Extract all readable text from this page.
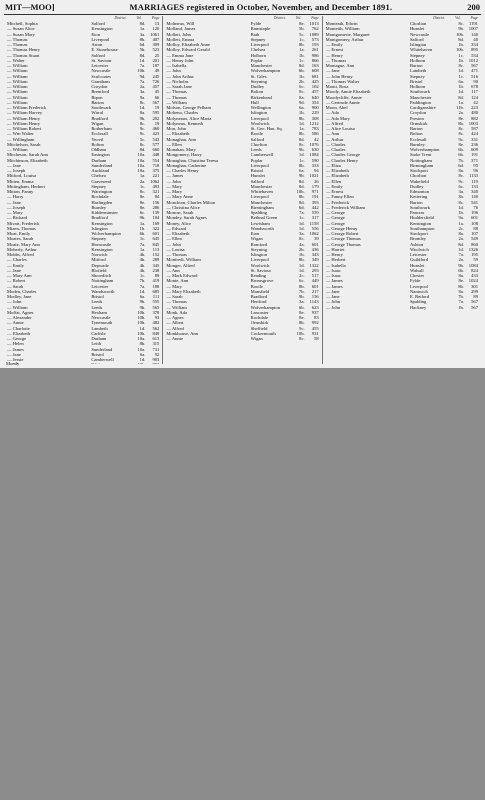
MIT—MOO]	MARRIAGES registered in October, November, and December 1891.	200
District.	Vol.	Page
Mitchell, Sophia	Salford	8d.	13
— Susan Alice	Kensington	1a.	120
— Susan Mary	Eton	3a.	1061
— Thomas	Liverpool	8b.	407
— Thomas	Aston	6d.	309
— Thomas Henry	E. Stonehouse	5b.	523
— Thomas Stuart	Salford	8d.	25
— Walter	St. Saviour	1d.	201
— William	Leicester	7a.	187
— William	Newcastle	10b.	49
— William	Sculcoates	9d.	245
— William	Grantham	7a.	726
— William	Croydon	2a.	457
— William	Brentford	3a.	45
— William	Ripon	9a.	66
— William	Barton	8c.	567
— William Frederick	Southwark	1d.	19
— William Harvey	Wirral	8a.	595
— William Henry	Bradford	9b.	202
— William Henry	Wigan	8c.	19
— William Robert	Rotherham	9c.	460
— Wm Walter	Ecclesall	9c.	423
— Willingham	Yeovil	5c.	543
Mitchelson, Sarah	Bolton	8c.	577
— William	Oldham	8d.	660
Mitcheson, Sarah Ann	Easington	10a.	448
Mitchinson, Elizabeth	Durham	10a.	554
— Jane	Sunderland	10a.	718
— Joseph	Auckland	10a.	375
Mitford, Louisa	Chelsea	1a.	221
Mitten, Emma	Gravesend	2a.	1062
Mittingham, Herbert	Stepney	1c.	493
Mitton, Fanny	Warrington	8c.	321
— Harry	Rochdale	8e.	84
— Jane	Haslingden	8e.	156
— Joseph	Burnley	8e.	286
— Mary	Kidderminster	6c.	139
— Richard	Bradford	9b.	104
Mivart, Frederick	Kensington	1a.	169
Mizen, Thomas	Islington	1b.	322
Moat, Emily	Wolverhampton	6b.	601
Moates, Sarah	Stepney	1c.	645
Moate, Mary Ann	Horncastle	7a.	845
Moberly, Arthur	Kensington	1a.	113
Mobbs, Alfred	Norwich	4b.	152
— Charles	Mitford	4b.	289
— Emily	Depwade	4b.	345
— Jane	Blofield	4b.	238
— Mary Ann	Shoreditch	1c.	89
— Robert	Nottingham	7b.	419
— Sarah	Leicester	7a.	188
Moden, Charles	Wandsworth	1d.	685
Modley, Jane	Bristol	6a.	111
— John	Leeds	9b.	555
— William	Leeds	9b.	565
Moffat, Agnes	Hexham	10b.	378
— Alexander	Newcastle	10b.	93
— Annie	Tynemouth	10b.	482
— Charlotte	Lambeth	1d.	562
— Elizabeth	Carlisle	10b.	849
— George	Durham	10a.	613
— Helen	Leith	8b.	315
— James	Sunderland	10a.	731
— Jane	Bristol	6a.	92
— Jessie	Camberwell	1d.	903
District.	Vol.	Page
Molineux, Will	Fylde	8e.	1013
Molland, James	Barnstaple	5b.	762
Mollett, John	Bath	5c.	1089
Mollett, Emma	Stepney	1c.	573
Molloy, Elizabeth Anne	Liverpool	8b.	193
Molloy, Edward Gerald	Chelsea	1a.	261
— Emma Jane	Holborn	1b.	986
— Henry John	Poplar	1c.	866
— Isabella	Manchester	8d.	163
— John	Wolverhampton	6b.	608
— John Arthur	St. Giles	1b.	681
— Nicholas	Steyning	2b.	425
— Sarah Jane	Dudley	6c.	102
— Thomas	Bolton	8c.	457
— Thomas	Birkenhead	8a.	640
— William	Hull	9d.	354
Molson, George Pelham	Wellington	6a.	900
Molteno, Charles	Islington	1b.	229
Molyneaux, Alice Maria	Liverpool	8b.	308
Molyneux, Kenneth	Woolwich	1d.	1212
Mon, John	St. Geo. Han. Sq.	1a.	783
— Elizabeth	Bootle	8b.	586
Monaghan, Ann	Salford	8d.	42
— Ellen	Chorlton	8c.	1076
Monahan, Mary	Leeds	9b.	630
Mongomery, Harry	Camberwell	1d.	1084
Monaghan, Christina Teresa	Poplar	1c.	590
Monaghan, Catherine	Liverpool	8b.	333
— Charles Henry	Bristol	6a.	94
— James	Hunslet	9b.	1021
— John	Salford	8d.	26
— Mary	Manchester	8d.	179
— Mary	Whitehaven	10b.	971
— Mary Anne	Liverpool	8b.	191
Monckton, Charles Milton	Manchester	8d.	393
— Christina Alice	Birmingham	6d.	442
Moncur, Sarah	Spalding	7a.	559
Mondey, Sarah Agnes	Bethnal Green	1c.	317
Money, Alice	Lewisham	1d.	1158
— Edward	Wandsworth	1d.	556
— Elizabeth	Eton	3a.	1062
— Ellen	Wigan	8c.	39
— John	Romford	4a.	601
— Louisa	Steyning	2b.	436
— Thomas	Islington	1b.	343
Monfredi, William	Liverpool	8b.	349
Monger, Alfred	Woolwich	1d.	1322
— Ann	St. Saviour	1d.	293
— Mark Edward	Reading	2c.	517
Monie, Ann	Bromsgrove	6c.	449
— Mary	Bootle	8b.	601
— Mary Elizabeth	Mansfield	7b.	217
— Sarah	Bradford	9b.	156
— Thomas	Hertford	3a.	1143
— William	Wolverhampton	6b.	623
Monk, Ada	Lancaster	8e.	937
— Agnes	Rochdale	8e.	83
— Albert	Ormskirk	8b.	992
— Alfred	Sheffield	9c.	455
Monkhouse, Ann	Cockermouth	10b.	931
— Annie	Wigan	8c.	58
District.	Vol.	Page
Monteath, Edwin	Chorlton	8c.	1191
Monteith, William	Hunslet	9b.	1007
Montgomerie, Margaret	Newcastle	10b.	140
Montgomery, Arthur	Salford	8d.	40
— Emily	Islington	1b.	334
— Ernest	Whitehaven	10b.	895
— Henry	Stepney	1c.	534
— Thomas	Holborn	1b.	1012
Montague, Ann	Barton	8c.	567
— Jane	Lambeth	1d.	471
— John Henry	Stepney	1c.	516
— Thomas Walter	Bristol	6a.	90
Monti, Rosa	Holborn	1b.	678
Moody, Annie Elizabeth	Southwark	1d.	117
Moodycliffe, Annie	Manchester	8d.	124
— Gertrude Annie	Paddington	1a.	42
Moon, Abel	Cardiganshire	11b.	223
— Ada	Croydon	2a.	480
— Ada Mary	Preston	8e.	882
— Alfred	Ormskirk	8b.	1003
— Alice Louisa	Barton	8c.	587
— Ann	Bolton	8c.	424
— Arthur	Ecclesall	9c.	331
— Charles	Burnley	8e.	236
— Charles	Wolverhampton	6b.	609
— Charles George	Stoke Trent	6b.	191
— Charles Henry	Nottingham	7b.	371
— Eliza	Birmingham	6d.	95
— Elizabeth	Stockport	8a.	96
— Elizabeth	Chorlton	8c.	1133
— Ellen	Wakefield	9c.	119
— Emily	Dudley	6c.	133
— Ernest	Edmonton	3a.	340
— Fanny Ellen	Kettering	3b.	140
— Frederick	Barton	8c.	541
— Frederick William	Southwark	1d.	76
— George	Pancras	1b.	196
— George	Huddersfield	9a.	601
— George	Kensington	1a.	108
— George Henry	Southampton	2c.	88
— George Robert	Stockport	8a.	107
— George Thomas	Bromley	2a.	549
— George Thomas	Ashton	8d.	860
— Harriet	Woolwich	1d.	1326
— Henry	Leicester	7a.	195
— Herbert	Guildford	2a.	59
— Isabella	Hunslet	9b.	1084
— Isaac	Walsall	6b.	824
— Isaac	Chester	8a.	433
— James	Fylde	8e.	1024
— James	Liverpool	8b.	301
— Jane	Nantwich	8a.	299
— Jane	E. Retford	7b.	89
— John	Spalding	7a.	567
— John	Hackney	1b.	567
Moody
